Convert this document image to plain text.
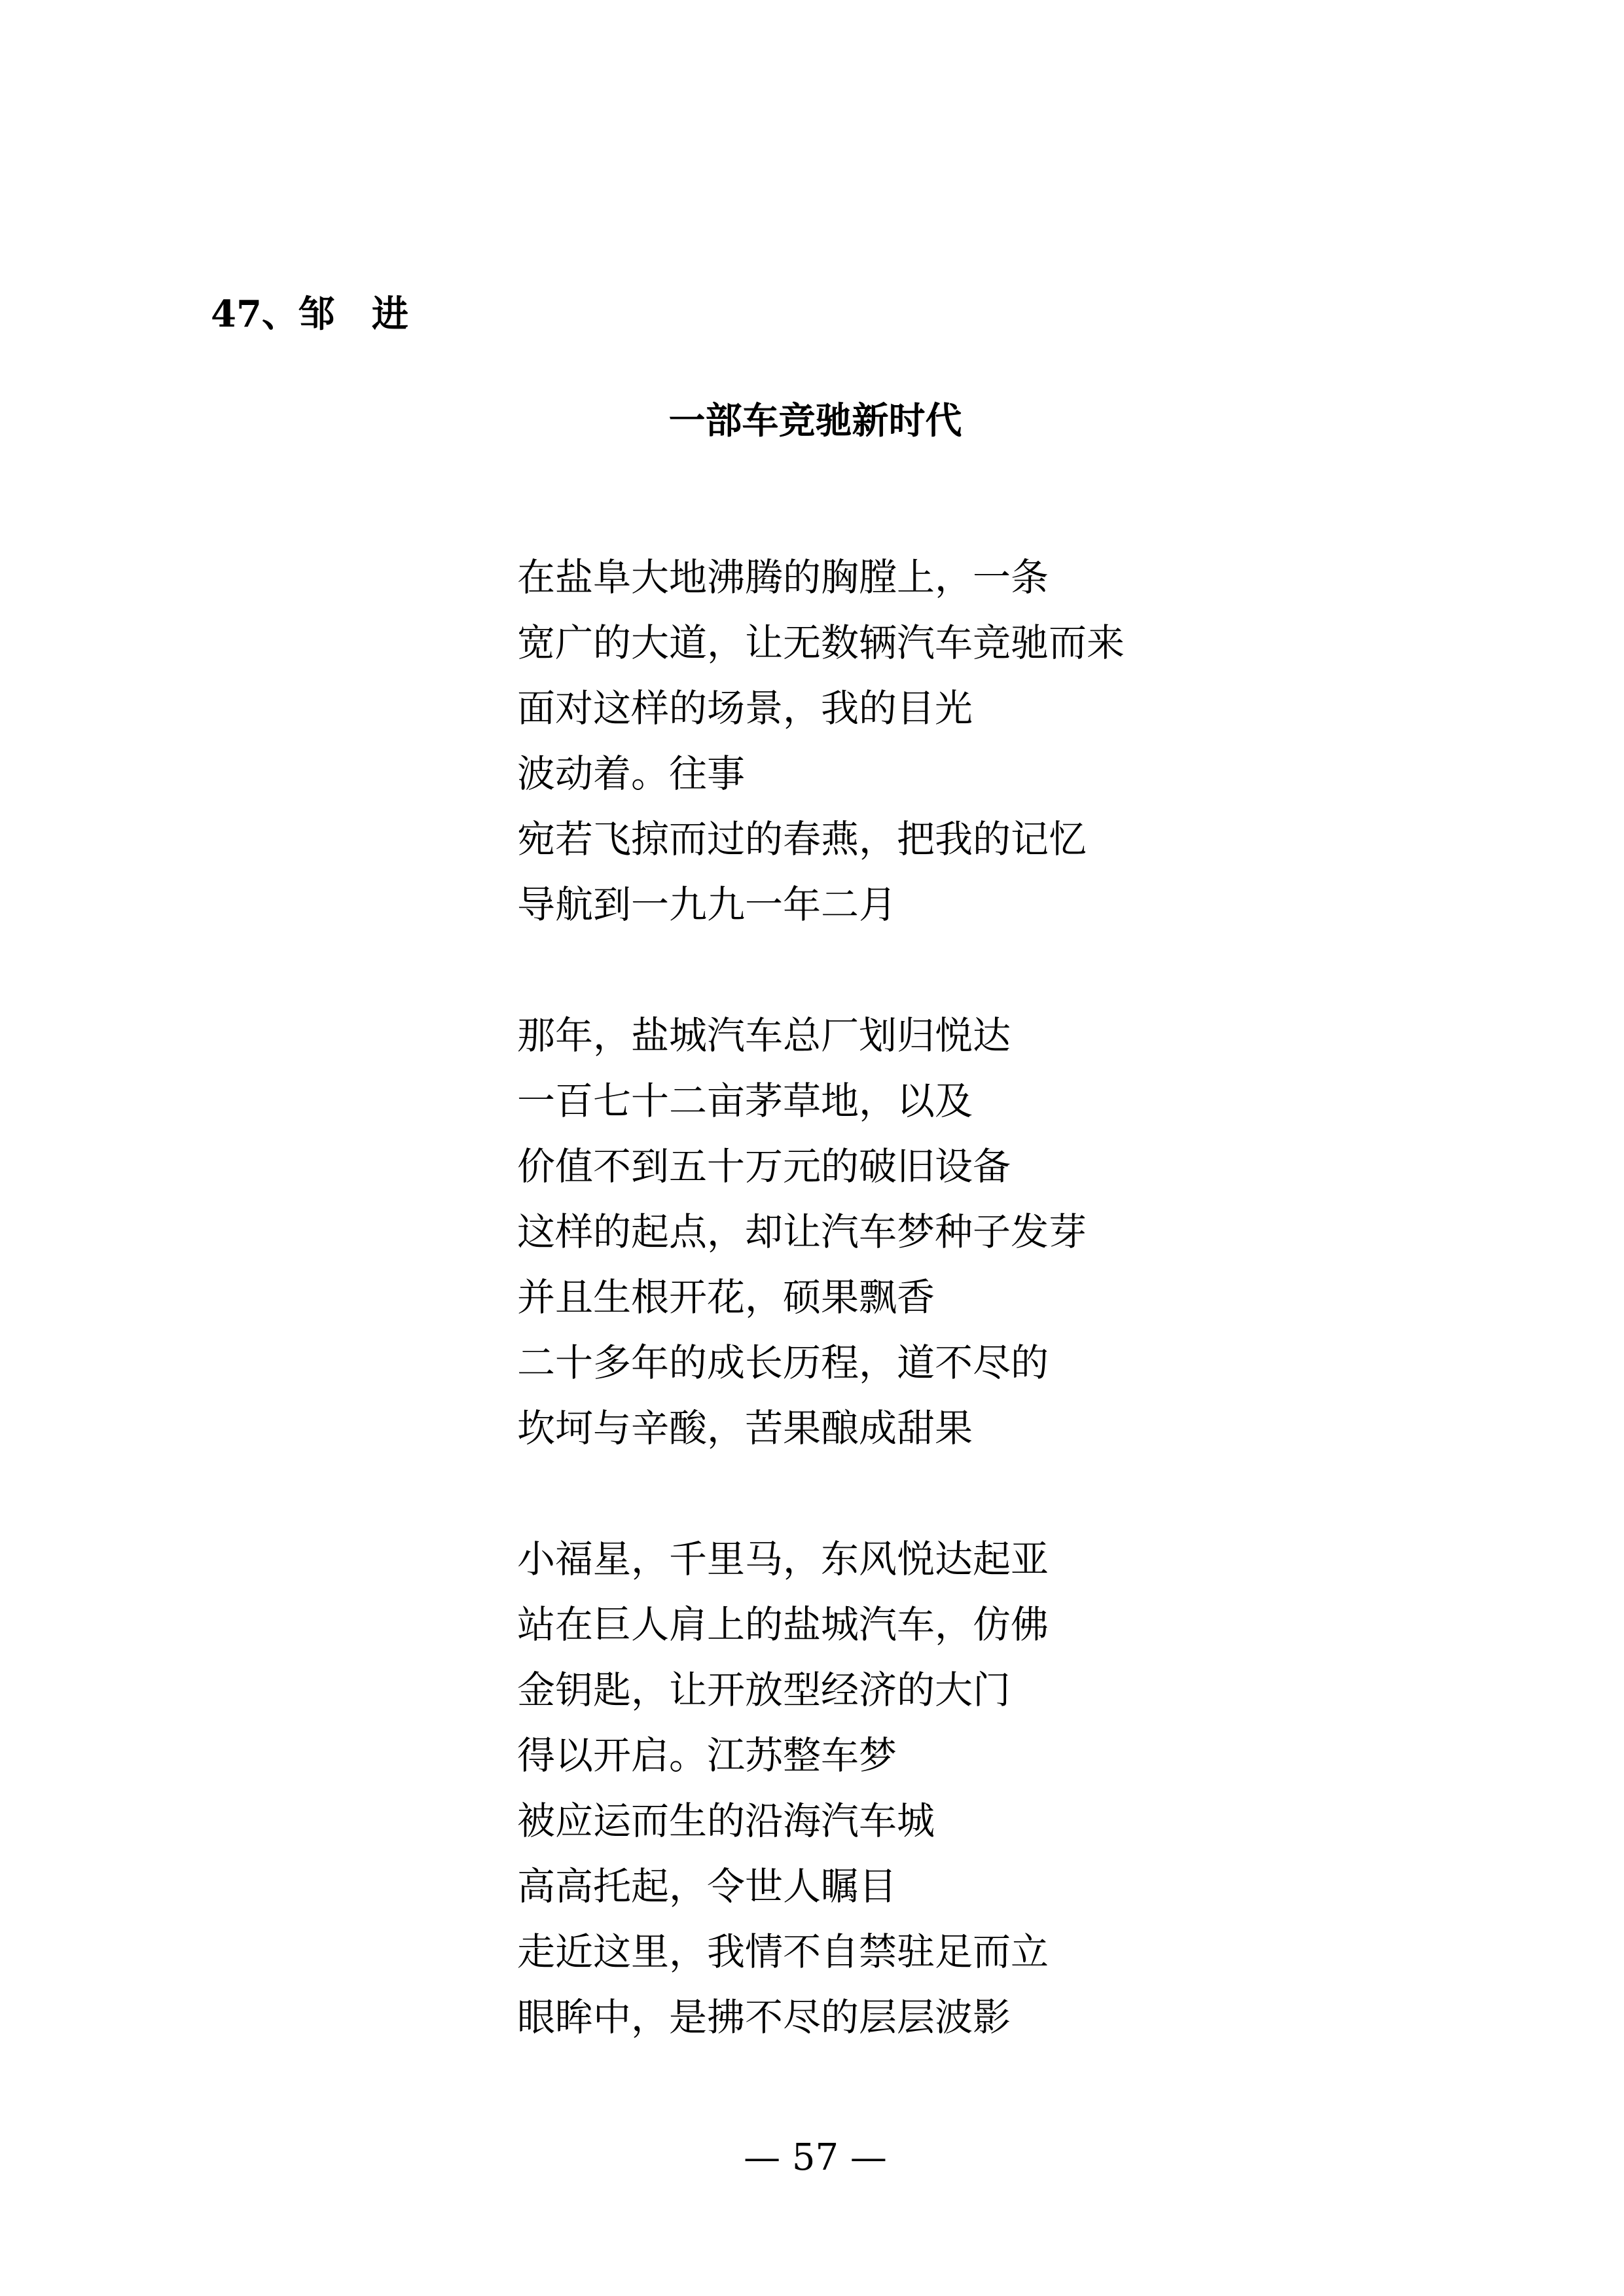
47、邹　进
一部车竞驰新时代
在盐阜大地沸腾的胸膛上，一条
宽广的大道，让无数辆汽车竞驰而来
面对这样的场景，我的目光
波动着。往事
宛若飞掠而过的春燕，把我的记忆
导航到一九九一年二月
那年，盐城汽车总厂划归悦达
一百七十二亩茅草地，以及
价值不到五十万元的破旧设备
这样的起点，却让汽车梦种子发芽
并且生根开花，硕果飘香
二十多年的成长历程，道不尽的
坎坷与辛酸，苦果酿成甜果
小福星，千里马，东风悦达起亚
站在巨人肩上的盐城汽车，仿佛
金钥匙，让开放型经济的大门
得以开启。江苏整车梦
被应运而生的沿海汽车城
高高托起，令世人瞩目
走近这里，我情不自禁驻足而立
眼眸中，是拂不尽的层层波影
— 57 —
